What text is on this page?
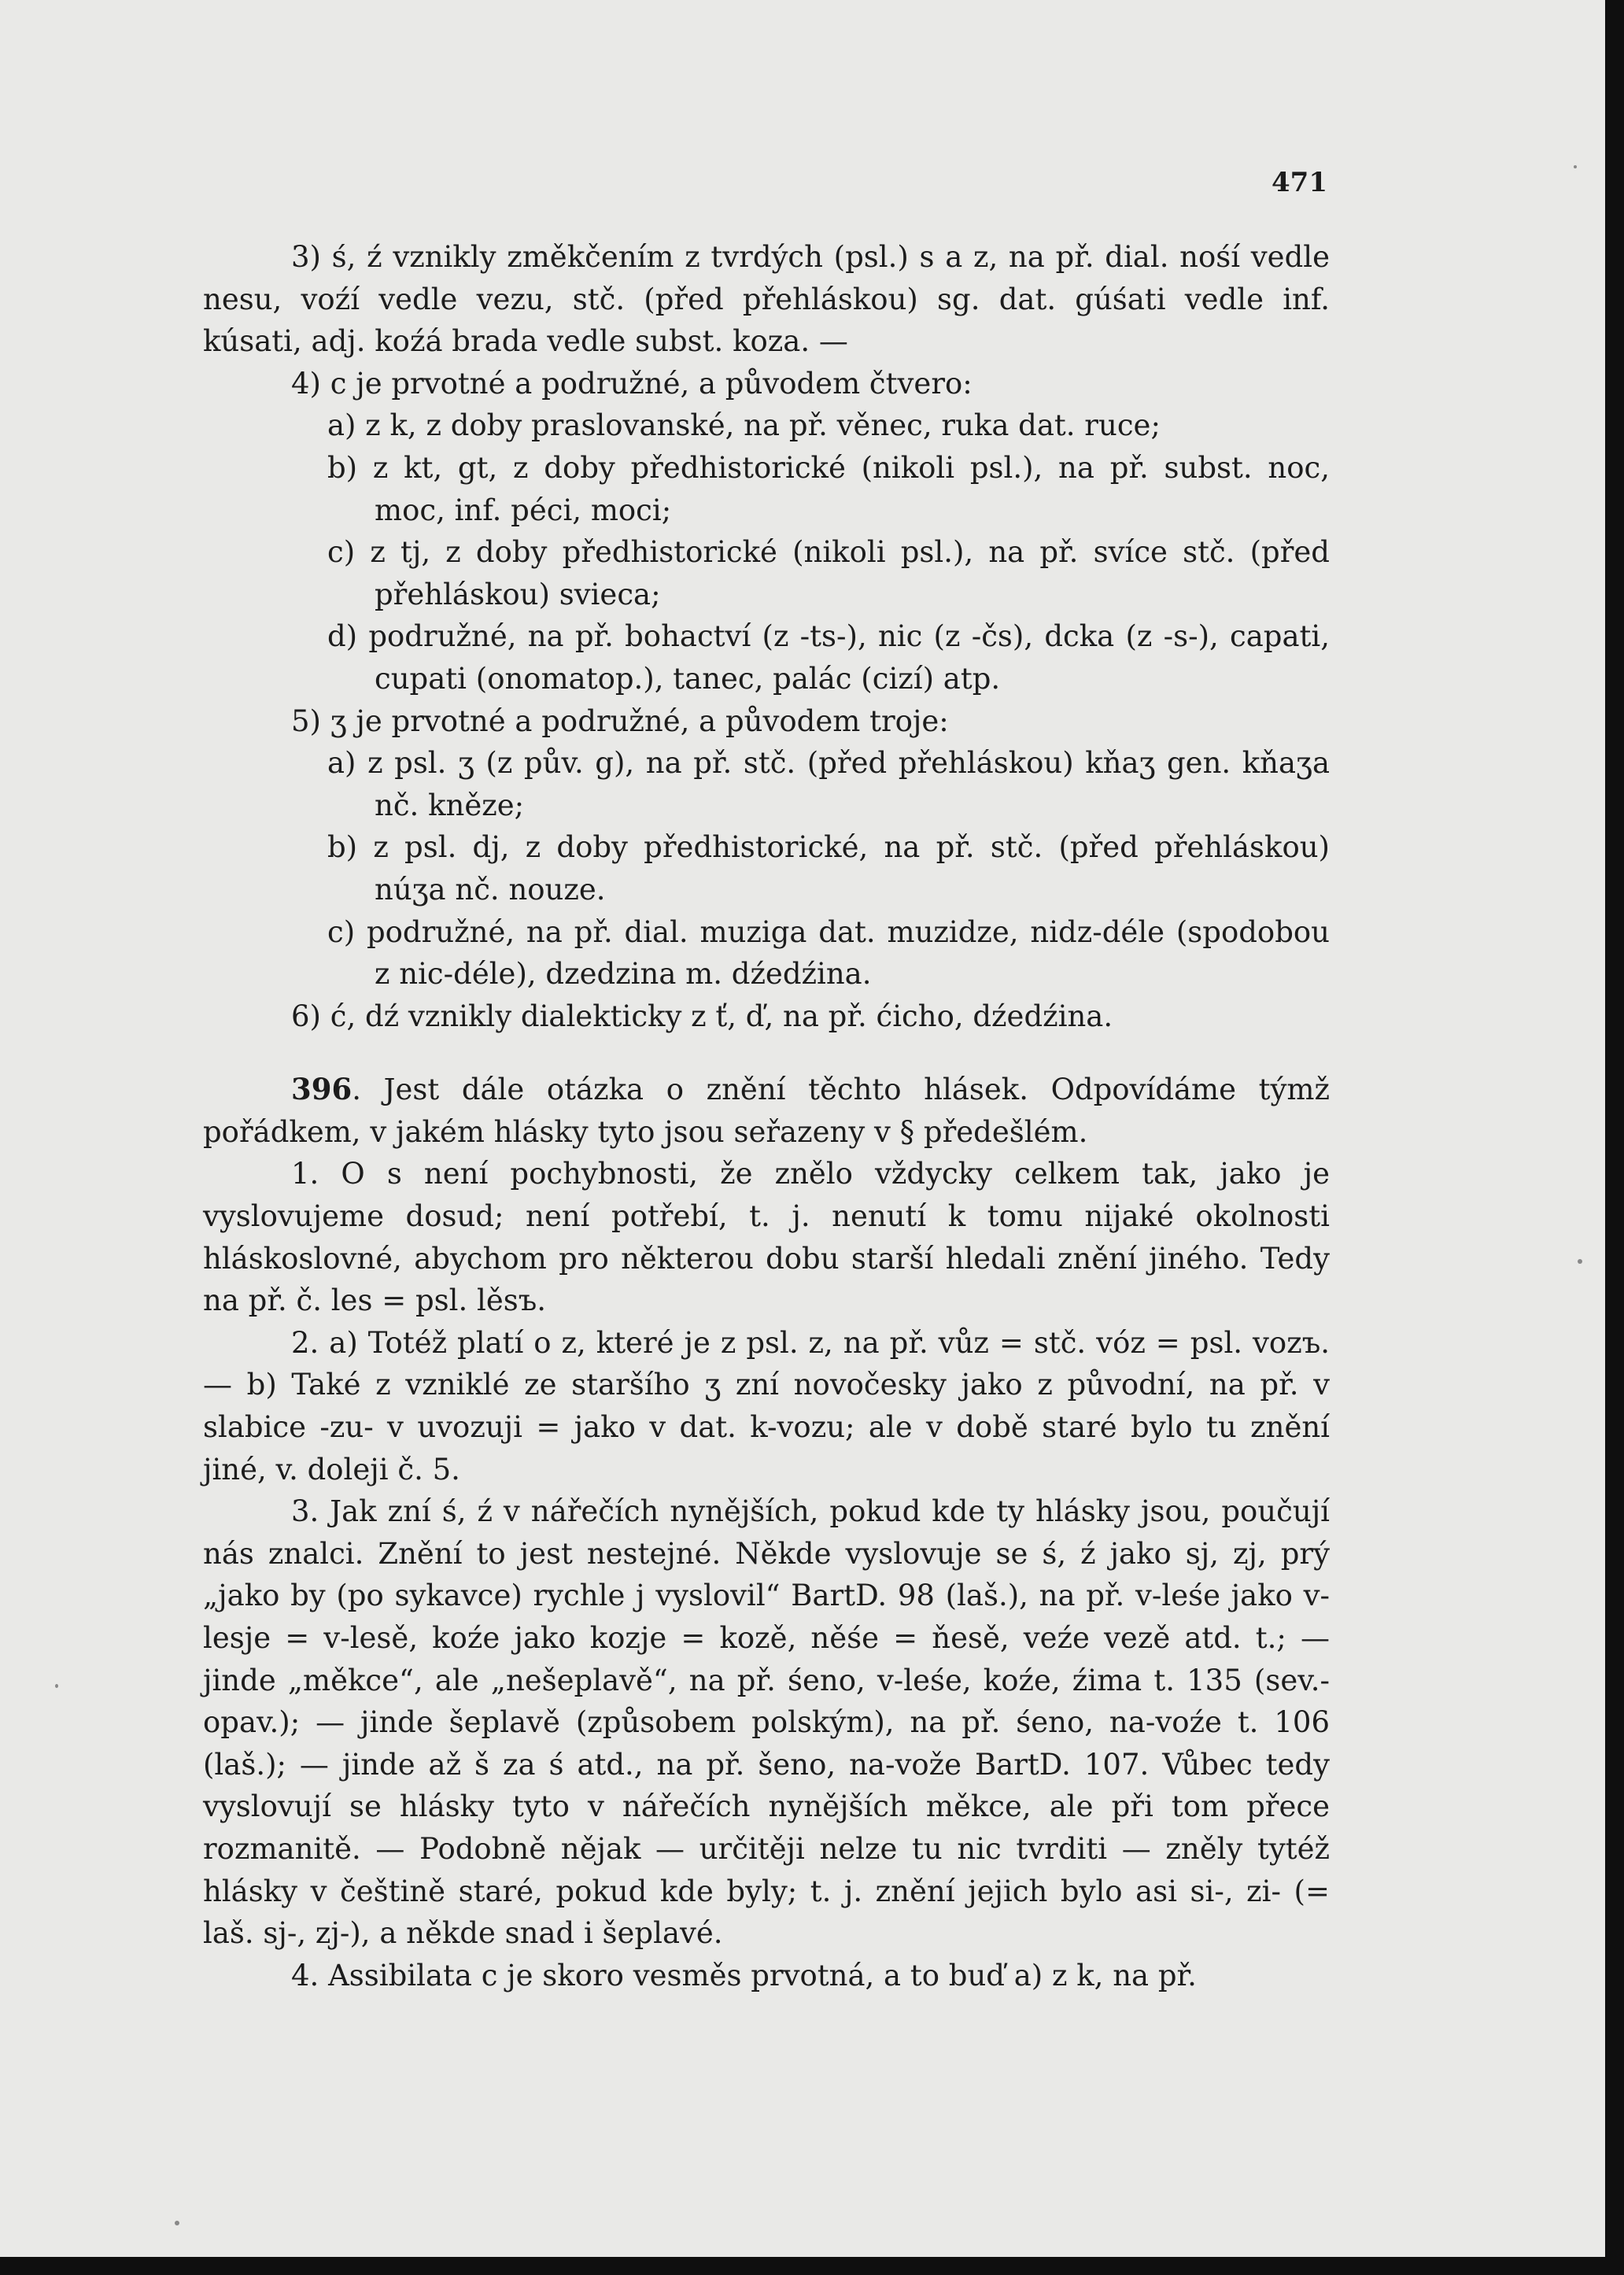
471

3) ś, ź vznikly změkčením z tvrdých (psl.) s a z, na př. dial. nośí vedle nesu, voźí vedle vezu, stč. (před přehláskou) sg. dat. gúśati vedle inf. kúsati, adj. koźá brada vedle subst. koza. —

4) c je prvotné a podružné, a původem čtvero:

a) z k, z doby praslovanské, na př. věnec, ruka dat. ruce;

b) z kt, gt, z doby předhistorické (nikoli psl.), na př. subst. noc, moc, inf. péci, moci;

c) z tj, z doby předhistorické (nikoli psl.), na př. svíce stč. (před přehláskou) sviecа;

d) podružné, na př. bohactví (z -ts-), nic (z -čs), dcka (z -s-), capati, cupati (onomatop.), tanec, palác (cizí) atp.

5) ʒ je prvotné a podružné, a původem troje:

a) z psl. ʒ (z pův. g), na př. stč. (před přehláskou) kňaʒ gen. kňaʒa nč. kněze;

b) z psl. dj, z doby předhistorické, na př. stč. (před přehláskou) núʒa nč. nouze.

c) podružné, na př. dial. muziga dat. muzidze, nidz-déle (spodobou z nic-déle), dzedzina m. dźedźina.

6) ć, dź vznikly dialekticky z ť, ď, na př. ćicho, dźedźina.

396. Jest dále otázka o znění těchto hlásek. Odpovídáme týmž pořádkem, v jakém hlásky tyto jsou seřazeny v § předešlém.

1. O s není pochybnosti, že znělo vždycky celkem tak, jako je vyslovujeme dosud; není potřebí, t. j. nenutí k tomu nijaké okolnosti hláskoslovné, abychom pro některou dobu starší hledali znění jiného. Tedy na př. č. les = psl. lěsъ.

2. a) Totéž platí o z, které je z psl. z, na př. vůz = stč. vóz = psl. vozъ. — b) Také z vzniklé ze staršího ʒ zní novočesky jako z původní, na př. v slabice -zu- v uvozuji = jako v dat. k-vozu; ale v době staré bylo tu znění jiné, v. doleji č. 5.

3. Jak zní ś, ź v nářečích nynějších, pokud kde ty hlásky jsou, poučují nás znalci. Znění to jest nestejné. Někde vyslovuje se ś, ź jako sj, zj, prý „jako by (po sykavce) rychle j vyslovil“ BartD. 98 (laš.), na př. v-leśe jako v-lesje = v-lesě, koźe jako kozje = kozě, něśe = ňesě, veźe vezě atd. t.; — jinde „měkce“, ale „nešeplavě“, na př. śeno, v-leśe, koźe, źima t. 135 (sev.-opav.); — jinde šeplavě (způsobem polským), na př. śeno, na-voźe t. 106 (laš.); — jinde až š za ś atd., na př. šeno, na-vože BartD. 107. Vůbec tedy vyslovují se hlásky tyto v nářečích nynějších měkce, ale při tom přece rozmanitě. — Podobně nějak — určitěji nelze tu nic tvrditi — zněly tytéž hlásky v češtině staré, pokud kde byly; t. j. znění jejich bylo asi si-, zi- (= laš. sj-, zj-), a někde snad i šeplavé.

4. Assibilata c je skoro vesměs prvotná, a to buď a) z k, na př.
